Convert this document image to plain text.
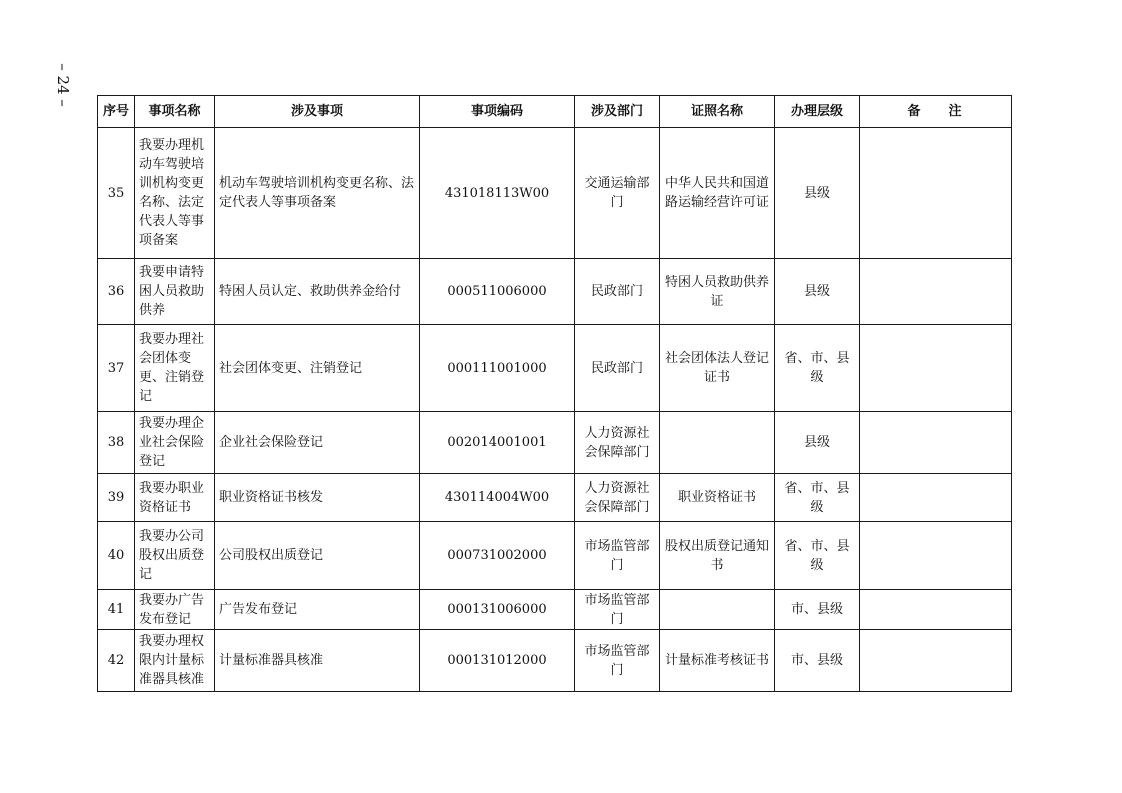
– 24 –
序号	事项名称	涉及事项	事项编码	涉及部门	证照名称	办理层级	备    注
35	我要办理机动车驾驶培训机构变更名称、法定代表人等事项备案	机动车驾驶培训机构变更名称、法定代表人等事项备案	431018113W00	交通运输部门	中华人民共和国道路运输经营许可证	县级	
36	我要申请特困人员救助供养	特困人员认定、救助供养金给付	000511006000	民政部门	特困人员救助供养证	县级	
37	我要办理社会团体变更、注销登记	社会团体变更、注销登记	000111001000	民政部门	社会团体法人登记证书	省、市、县级	
38	我要办理企业社会保险登记	企业社会保险登记	002014001001	人力资源社会保障部门		县级	
39	我要办职业资格证书	职业资格证书核发	430114004W00	人力资源社会保障部门	职业资格证书	省、市、县级	
40	我要办公司股权出质登记	公司股权出质登记	000731002000	市场监管部门	股权出质登记通知书	省、市、县级	
41	我要办广告发布登记	广告发布登记	000131006000	市场监管部门		市、县级	
42	我要办理权限内计量标准器具核准	计量标准器具核准	000131012000	市场监管部门	计量标准考核证书	市、县级	
